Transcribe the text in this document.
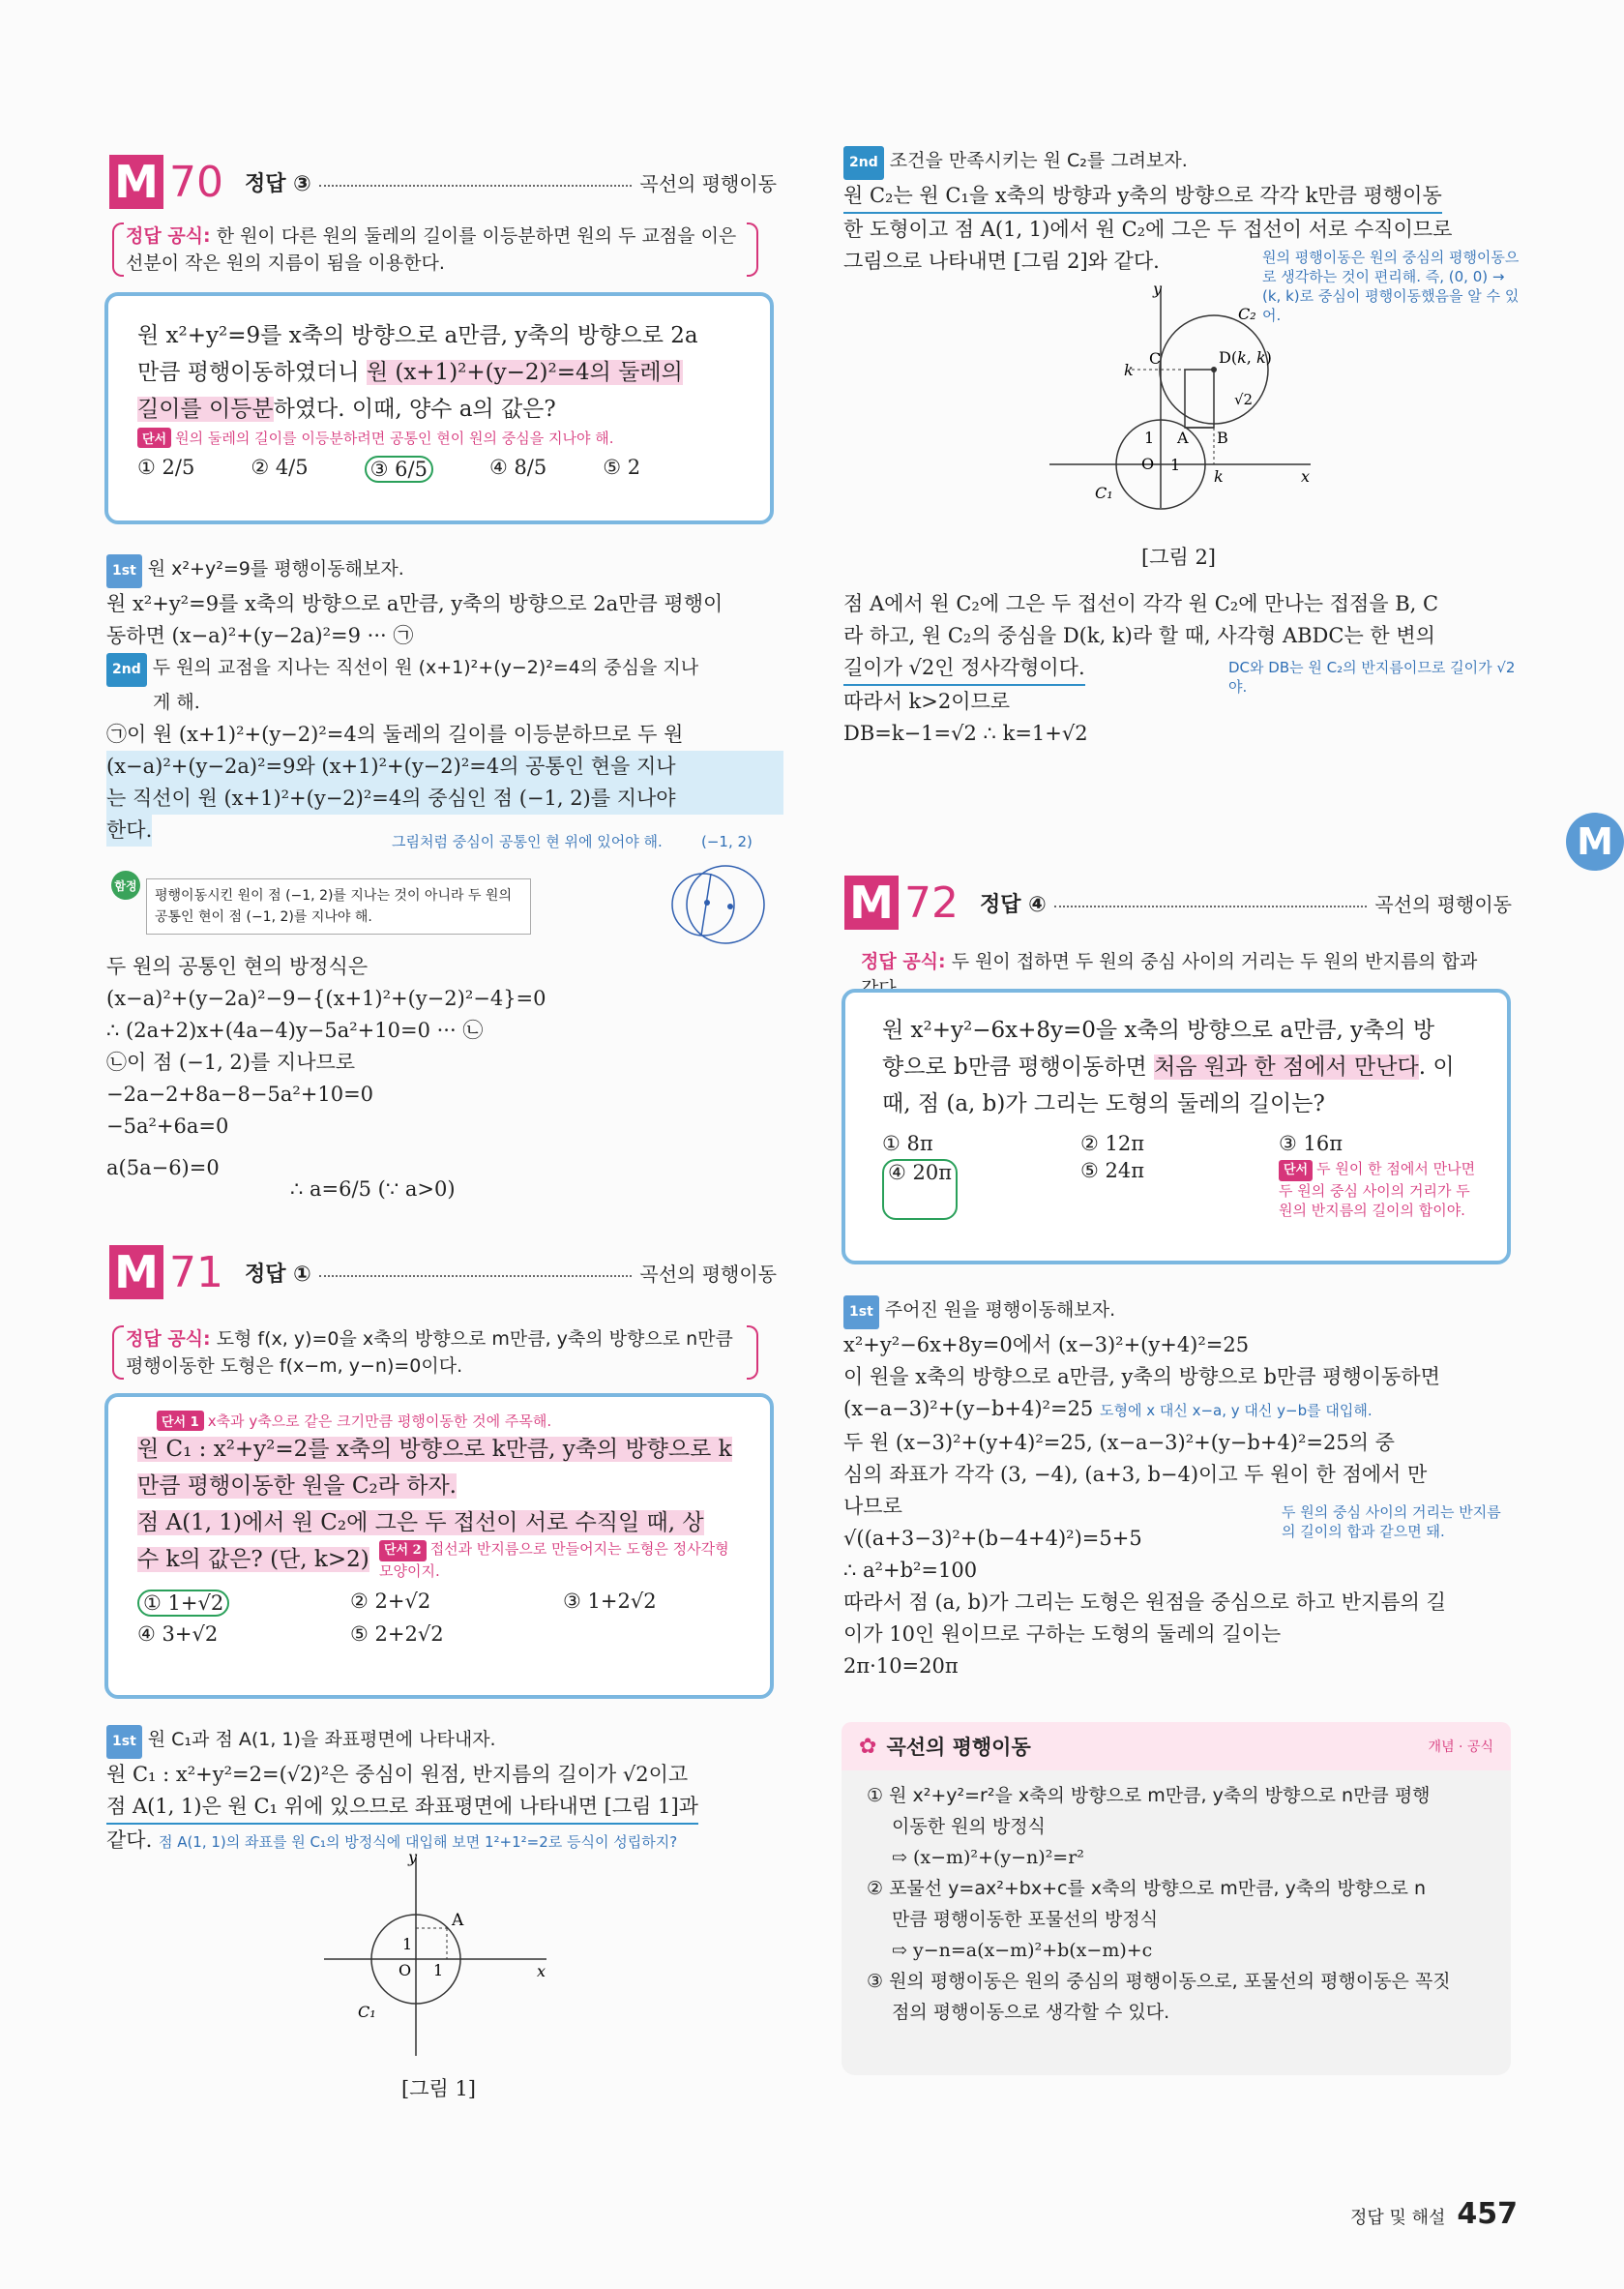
M 70 정답 ③	곡선의 평행이동
정답 공식: 한 원이 다른 원의 둘레의 길이를 이등분하면 원의 두 교점을 이은 선분이 작은 원의 지름이 됨을 이용한다.
원 x²+y²=9를 x축의 방향으로 a만큼, y축의 방향으로 2a
만큼 평행이동하였더니 원 (x+1)²+(y−2)²=4의 둘레의
길이를 이등분하였다. 이때, 양수 a의 값은?
단서 원의 둘레의 길이를 이등분하려면 공통인 현이 원의 중심을 지나야 해.
① 2/5	② 4/5	③ 6/5	④ 8/5	⑤ 2
1st 원 x²+y²=9를 평행이동해보자.
원 x²+y²=9를 x축의 방향으로 a만큼, y축의 방향으로 2a만큼 평행이
동하면 (x−a)²+(y−2a)²=9 ··· ㉠
2nd 두 원의 교점을 지나는 직선이 원 (x+1)²+(y−2)²=4의 중심을 지나
게 해.
㉠이 원 (x+1)²+(y−2)²=4의 둘레의 길이를 이등분하므로 두 원
(x−a)²+(y−2a)²=9와 (x+1)²+(y−2)²=4의 공통인 현을 지나
는 직선이 원 (x+1)²+(y−2)²=4의 중심인 점 (−1, 2)를 지나야
한다.	그림처럼 중심이 공통인 현 위에 있어야 해.	(−1, 2)
함정
평행이동시킨 원이 점 (−1, 2)를 지나는 것이 아니라 두 원의 공통인 현이 점 (−1, 2)를 지나야 해.
두 원의 공통인 현의 방정식은
(x−a)²+(y−2a)²−9−{(x+1)²+(y−2)²−4}=0
∴ (2a+2)x+(4a−4)y−5a²+10=0 ··· ㉡
㉡이 점 (−1, 2)를 지나므로
−2a−2+8a−8−5a²+10=0
−5a²+6a=0
a(5a−6)=0
∴ a=6/5 (∵ a>0)
M 71 정답 ①	곡선의 평행이동
정답 공식: 도형 f(x, y)=0을 x축의 방향으로 m만큼, y축의 방향으로 n만큼 평행이동한 도형은 f(x−m, y−n)=0이다.
단서 1 x축과 y축으로 같은 크기만큼 평행이동한 것에 주목해.
원 C₁ : x²+y²=2를 x축의 방향으로 k만큼, y축의 방향으로 k
만큼 평행이동한 원을 C₂라 하자.
점 A(1, 1)에서 원 C₂에 그은 두 접선이 서로 수직일 때, 상
수 k의 값은? (단, k>2)	단서 2 접선과 반지름으로 만들어지는 도형은 정사각형 모양이지.
① 1+√2	② 2+√2	③ 1+2√2
④ 3+√2	⑤ 2+2√2
1st 원 C₁과 점 A(1, 1)을 좌표평면에 나타내자.
원 C₁ : x²+y²=2=(√2)²은 중심이 원점, 반지름의 길이가 √2이고
점 A(1, 1)은 원 C₁ 위에 있으므로 좌표평면에 나타내면 [그림 1]과
같다. 점 A(1, 1)의 좌표를 원 C₁의 방정식에 대입해 보면 1²+1²=2로 등식이 성립하지?
y
x
A
1
O 1
C₁
[그림 1]
2nd 조건을 만족시키는 원 C₂를 그려보자.
원 C₂는 원 C₁을 x축의 방향과 y축의 방향으로 각각 k만큼 평행이동
한 도형이고 점 A(1, 1)에서 원 C₂에 그은 두 접선이 서로 수직이므로
그림으로 나타내면 [그림 2]와 같다.	원의 평행이동은 원의 중심의 평행이동으로 생각하는 것이 편리해. 즉, (0, 0) → (k, k)로 중심이 평행이동했음을 알 수 있어.
y
x
k
k
C	D(k, k)
A B
1
O 1
√2
C₂
C₁
[그림 2]
점 A에서 원 C₂에 그은 두 접선이 각각 원 C₂에 만나는 접점을 B, C
라 하고, 원 C₂의 중심을 D(k, k)라 할 때, 사각형 ABDC는 한 변의
길이가 √2인 정사각형이다.
따라서 k>2이므로
DB=k−1=√2 ∴ k=1+√2
DC와 DB는 원 C₂의 반지름이므로 길이가 √2야.
M
M 72 정답 ④	곡선의 평행이동
정답 공식: 두 원이 접하면 두 원의 중심 사이의 거리는 두 원의 반지름의 합과
원 x²+y²−6x+8y=0을 x축의 방향으로 a만큼, y축의 방
향으로 b만큼 평행이동하면 처음 원과 한 점에서 만난다. 이
때, 점 (a, b)가 그리는 도형의 둘레의 길이는?
① 8π	② 12π	③ 16π
④ 20π	⑤ 24π	단서 두 원이 한 점에서 만나면 두 원의 중심 사이의 거리가 두 원의 반지름의 길이의 합이야.
1st 주어진 원을 평행이동해보자.
x²+y²−6x+8y=0에서 (x−3)²+(y+4)²=25
이 원을 x축의 방향으로 a만큼, y축의 방향으로 b만큼 평행이동하면
(x−a−3)²+(y−b+4)²=25 도형에 x 대신 x−a, y 대신 y−b를 대입해.
두 원 (x−3)²+(y+4)²=25, (x−a−3)²+(y−b+4)²=25의 중
심의 좌표가 각각 (3, −4), (a+3, b−4)이고 두 원이 한 점에서 만
나므로
√((a+3−3)²+(b−4+4)²)=5+5
∴ a²+b²=100
따라서 점 (a, b)가 그리는 도형은 원점을 중심으로 하고 반지름의 길
이가 10인 원이므로 구하는 도형의 둘레의 길이는
2π·10=20π
두 원의 중심 사이의 거리는 반지름의 길이의 합과 같으면 돼.
✿ 곡선의 평행이동	개념 · 공식
① 원 x²+y²=r²을 x축의 방향으로 m만큼, y축의 방향으로 n만큼 평행
이동한 원의 방정식
⇨ (x−m)²+(y−n)²=r²
② 포물선 y=ax²+bx+c를 x축의 방향으로 m만큼, y축의 방향으로 n
만큼 평행이동한 포물선의 방정식
⇨ y−n=a(x−m)²+b(x−m)+c
③ 원의 평행이동은 원의 중심의 평행이동으로, 포물선의 평행이동은 꼭짓
점의 평행이동으로 생각할 수 있다.
정답 및 해설 457
